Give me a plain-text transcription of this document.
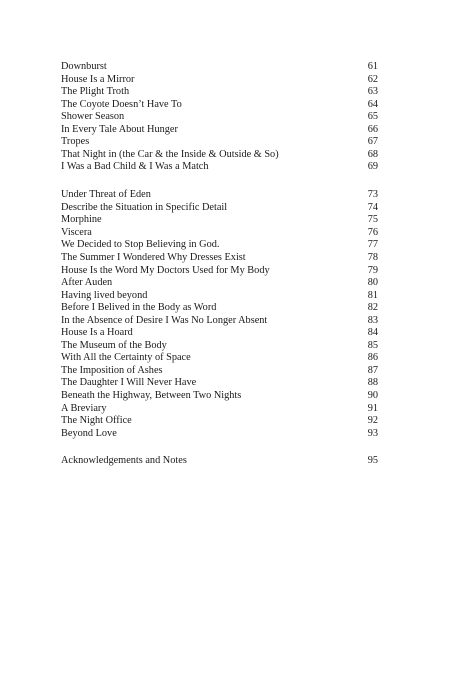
Downburst	61
House Is a Mirror	62
The Plight Troth	63
The Coyote Doesn’t Have To	64
Shower Season	65
In Every Tale About Hunger	66
Tropes	67
That Night in (the Car & the Inside & Outside & So)	68
I Was a Bad Child & I Was a Match	69
Under Threat of Eden	73
Describe the Situation in Specific Detail	74
Morphine	75
Viscera	76
We Decided to Stop Believing in God.	77
The Summer I Wondered Why Dresses Exist	78
House Is the Word My Doctors Used for My Body	79
After Auden	80
Having lived beyond	81
Before I Belived in the Body as Word	82
In the Absence of Desire I Was No Longer Absent	83
House Is a Hoard	84
The Museum of the Body	85
With All the Certainty of Space	86
The Imposition of Ashes	87
The Daughter I Will Never Have	88
Beneath the Highway, Between Two Nights	90
A Breviary	91
The Night Office	92
Beyond Love	93
Acknowledgements and Notes	95
